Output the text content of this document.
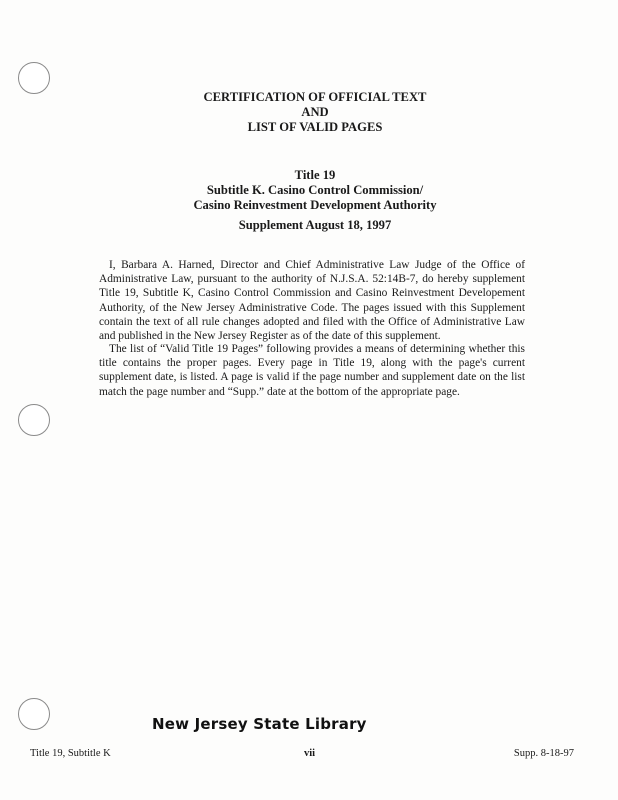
CERTIFICATION OF OFFICIAL TEXT
AND
LIST OF VALID PAGES
Title 19
Subtitle K. Casino Control Commission/
Casino Reinvestment Development Authority
Supplement August 18, 1997

I, Barbara A. Harned, Director and Chief Administrative Law Judge of the Office of Administrative Law, pursuant to the authority of N.J.S.A. 52:14B-7, do hereby supplement Title 19, Subtitle K, Casino Control Commission and Casino Reinvestment Developement Authority, of the New Jersey Administrative Code. The pages issued with this Supplement contain the text of all rule changes adopted and filed with the Office of Administrative Law and published in the New Jersey Register as of the date of this supplement.

The list of “Valid Title 19 Pages” following provides a means of determining whether this title contains the proper pages. Every page in Title 19, along with the page's current supplement date, is listed. A page is valid if the page number and supplement date on the list match the page number and “Supp.” date at the bottom of the appropriate page.

New Jersey State Library
Title 19, Subtitle K	vii	Supp. 8-18-97
